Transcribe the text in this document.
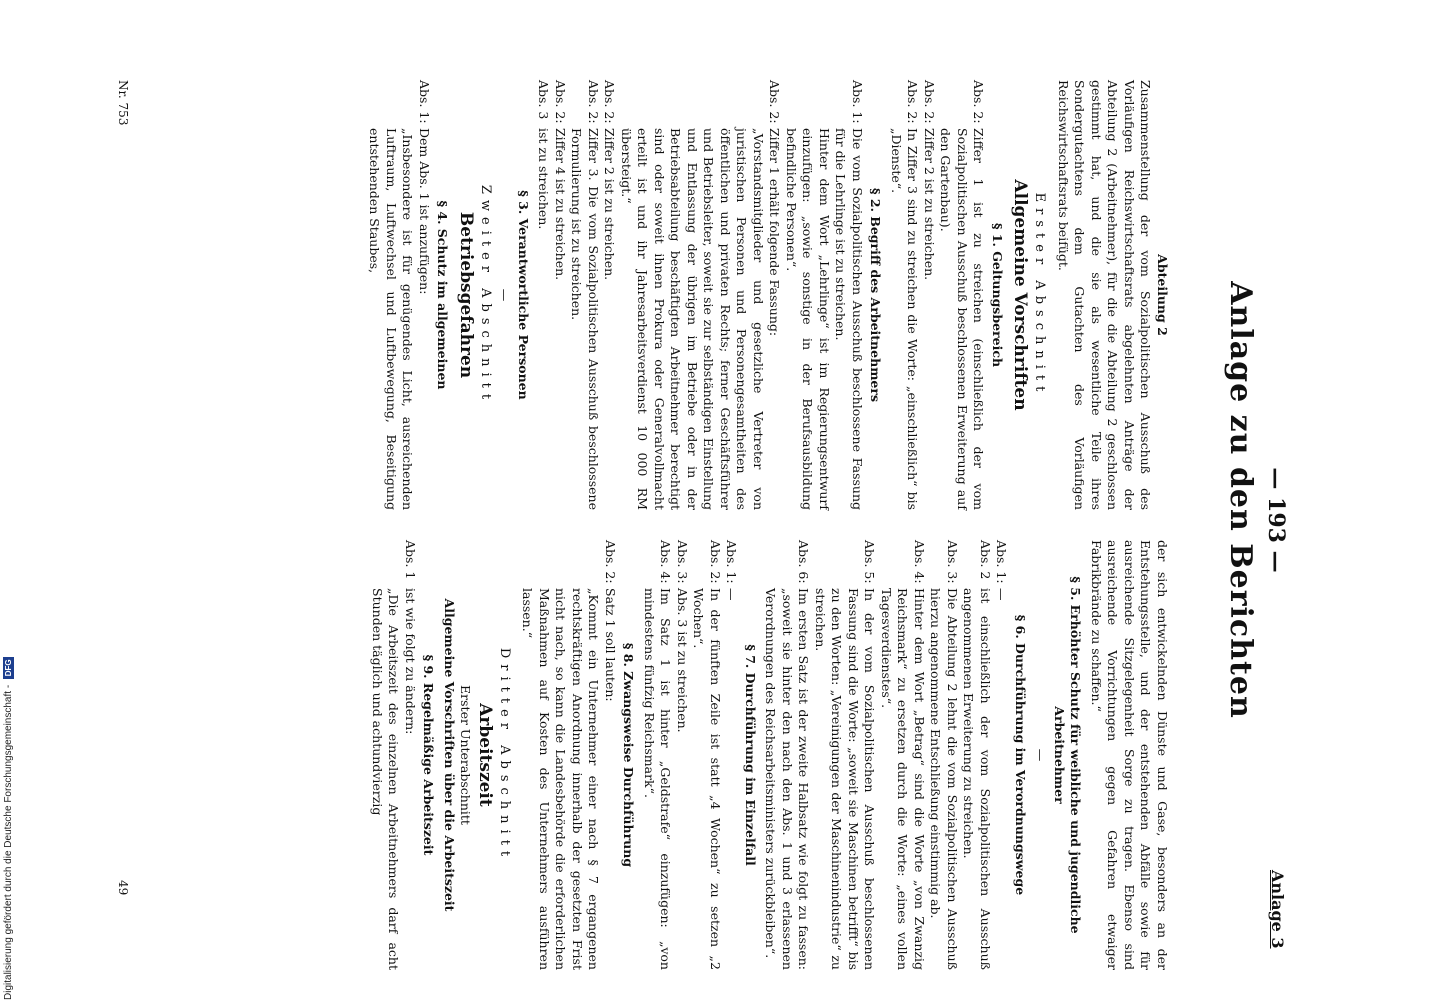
— 193 —
Anlage 3
Anlage zu den Berichten
Abteilung 2

Zusammenstellung der vom Sozialpolitischen Ausschuß des Vorläufigen Reichswirtschaftsrats abgelehnten Anträge der Abteilung 2 (Arbeitnehmer), für die die Abteilung 2 geschlossen gestimmt hat, und die sie als wesentliche Teile ihres Sondergutachtens dem Gutachten des Vorläufigen Reichswirtschaftsrats beifügt.

Erster Abschnitt
Allgemeine Vorschriften
§ 1. Geltungsbereich
Abs. 2:
Ziffer 1 ist zu streichen (einschließlich der vom Sozialpolitischen Ausschuß beschlossenen Erweiterung auf den Gartenbau).
Abs. 2:
Ziffer 2 ist zu streichen.
Abs. 2:
In Ziffer 3 sind zu streichen die Worte: „einschließlich“ bis „Dienste“.
§ 2. Begriff des Arbeitnehmers
Abs. 1:
Die vom Sozialpolitischen Ausschuß beschlossene Fassung für die Lehrlinge ist zu streichen.
Hinter dem Wort „Lehrlinge“ ist im Regierungsentwurf einzufügen: „sowie sonstige in der Berufsausbildung befindliche Personen“.
Abs. 2:
Ziffer 1 erhält folgende Fassung:
„Vorstandsmitglieder und gesetzliche Vertreter von juristischen Personen und Personengesamtheiten des öffentlichen und privaten Rechts; ferner Geschäftsführer und Betriebsleiter, soweit sie zur selbständigen Einstellung und Entlassung der übrigen im Betriebe oder in der Betriebsabteilung beschäftigten Arbeitnehmer berechtigt sind oder soweit ihnen Prokura oder Generalvollmacht erteilt ist und ihr Jahresarbeitsverdienst 10 000 RM übersteigt.“
Abs. 2:
Ziffer 2 ist zu streichen.
Abs. 2:
Ziffer 3. Die vom Sozialpolitischen Ausschuß beschlossene Formulierung ist zu streichen.
Abs. 2:
Ziffer 4 ist zu streichen.
Abs. 3
ist zu streichen.
§ 3. Verantwortliche Personen
—
Zweiter Abschnitt
Betriebsgefahren
§ 4. Schutz im allgemeinen
Abs. 1:
Dem Abs. 1 ist anzufügen:
„Insbesondere ist für genügendes Licht, ausreichenden Luftraum, Luftwechsel und Luftbewegung, Beseitigung entstehenden Staubes,

der sich entwickelnden Dünste und Gase, besonders an der Entstehungsstelle, und der entstehenden Abfälle sowie für ausreichende Sitzgelegenheit Sorge zu tragen. Ebenso sind ausreichende Vorrichtungen gegen Gefahren etwaiger Fabrikbrände zu schaffen.“

§ 5. Erhöhter Schutz für weibliche und jugendliche Arbeitnehmer
—
§ 6. Durchführung im Verordnungswege
Abs. 1:
—
Abs. 2
ist einschließlich der vom Sozialpolitischen Ausschuß angenommenen Erweiterung zu streichen.
Abs. 3:
Die Abteilung 2 lehnt die vom Sozialpolitischen Ausschuß hierzu angenommene Entschließung einstimmig ab.
Abs. 4:
Hinter dem Wort „Betrag“ sind die Worte „von Zwanzig Reichsmark“ zu ersetzen durch die Worte: „eines vollen Tagesverdienstes“.
Abs. 5:
In der vom Sozialpolitischen Ausschuß beschlossenen Fassung sind die Worte: „soweit sie Maschinen betrifft“ bis zu den Worten: „Vereinigungen der Maschinenindustrie“ zu streichen.
Abs. 6:
Im ersten Satz ist der zweite Halbsatz wie folgt zu fassen: „soweit sie hinter den nach den Abs. 1 und 3 erlassenen Verordnungen des Reichsarbeitsministers zurückbleiben“.
§ 7. Durchführung im Einzelfall
Abs. 1:
—
Abs. 2:
In der fünften Zeile ist statt „4 Wochen“ zu setzen „2 Wochen“.
Abs. 3:
Abs. 3 ist zu streichen.
Abs. 4:
Im Satz 1 ist hinter „Geldstrafe“ einzufügen: „von mindestens fünfzig Reichsmark“.
§ 8. Zwangsweise Durchführung
Abs. 2:
Satz 1 soll lauten:
„Kommt ein Unternehmer einer nach § 7 ergangenen rechtskräftigen Anordnung innerhalb der gesetzten Frist nicht nach, so kann die Landesbehörde die erforderlichen Maßnahmen auf Kosten des Unternehmers ausführen lassen.“
Dritter Abschnitt
Arbeitszeit
Erster Unterabschnitt
Allgemeine Vorschriften über die Arbeitszeit
§ 9. Regelmäßige Arbeitszeit
Abs. 1
ist wie folgt zu ändern:
„Die Arbeitszeit des einzelnen Arbeitnehmers darf acht Stunden täglich und achtundvierzig
Nr. 753
49
Digitalisierung gefördert durch die Deutsche Forschungsgemeinschaft -
DFG
